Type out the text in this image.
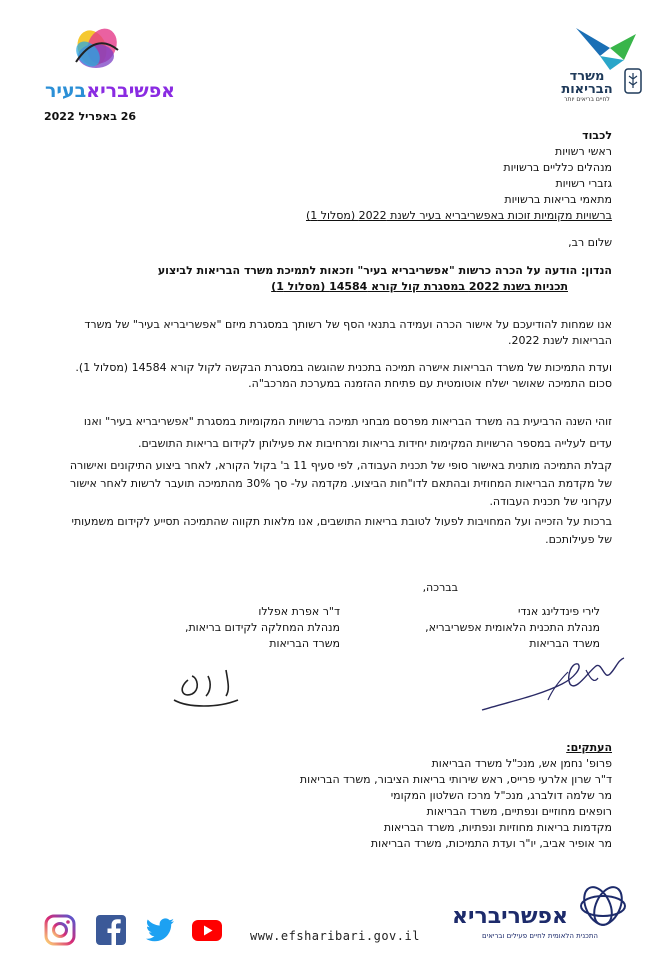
אפשיבריאבעיר
26 באפריל 2022
משרד הבריאות
לחיים בריאים יותר
לכבוד
ראשי רשויות
מנהלים כלליים ברשויות
גזברי רשויות
מתאמי בריאות ברשויות
ברשויות מקומיות זוכות באפשריבריא בעיר לשנת 2022 (מסלול 1)
שלום רב,
הנדון: הודעה על הכרה כרשות "אפשריבריא בעיר" וזכאות לתמיכת משרד הבריאות לביצוע
תכניות בשנת 2022 במסגרת קול קורא 14584 (מסלול 1)
אנו שמחות להודיעכם על אישור הכרה ועמידה בתנאי הסף של רשותך במסגרת מיזם "אפשריבריא בעיר" של משרד
הבריאות לשנת 2022.
ועדת התמיכות של משרד הבריאות אישרה תמיכה בתכנית שהוגשה במסגרת הבקשה לקול קורא 14584 (מסלול 1).
סכום התמיכה שאושר ישלח אוטומטית עם פתיחת ההזמנה במערכת המרכב"ה.
זוהי השנה הרביעית בה משרד הבריאות מפרסם מבחני תמיכה ברשויות המקומיות במסגרת "אפשריבריא בעיר" ואנו
עדים לעלייה במספר הרשויות המקימות יחידות בריאות ומרחיבות את פעילותן לקידום בריאות התושבים.
קבלת התמיכה מותנית באישור סופי של תכנית העבודה, לפי סעיף 11 ב' בקול הקורא, לאחר ביצוע התיקונים ואישורה
של מקדמת הבריאות המחוזית ובהתאם לדו"חות הביצוע. מקדמה על- סך 30% מהתמיכה תועבר לרשות לאחר אישור
עקרוני של תכנית העבודה.
ברכות על הזכייה ועל המחויבות לפעול לטובת בריאות התושבים, אנו מלאות תקווה שהתמיכה תסייע לקידום משמעותי
של פעילותכם.
בברכה,
לירי פינדלינג אנדי
מנהלת התכנית הלאומית אפשריבריא,
משרד הבריאות
ד"ר אפרת אפללו
מנהלת המחלקה לקידום בריאות,
משרד הבריאות
העתקים:
פרופ' נחמן אש, מנכ"ל משרד הבריאות
ד"ר שרון אלרעי פרייס, ראש שירותי בריאות הציבור, משרד הבריאות
מר שלמה דולברג, מנכ"ל מרכז השלטון המקומי
רופאים מחוזיים ונפתיים, משרד הבריאות
מקדמות בריאות מחוזיות ונפתיות, משרד הבריאות
מר אופיר אביב, יו"ר ועדת התמיכות, משרד הבריאות
www.efsharibari.gov.il
אפשריבריא
התכנית הלאומית לחיים פעילים ובריאים
